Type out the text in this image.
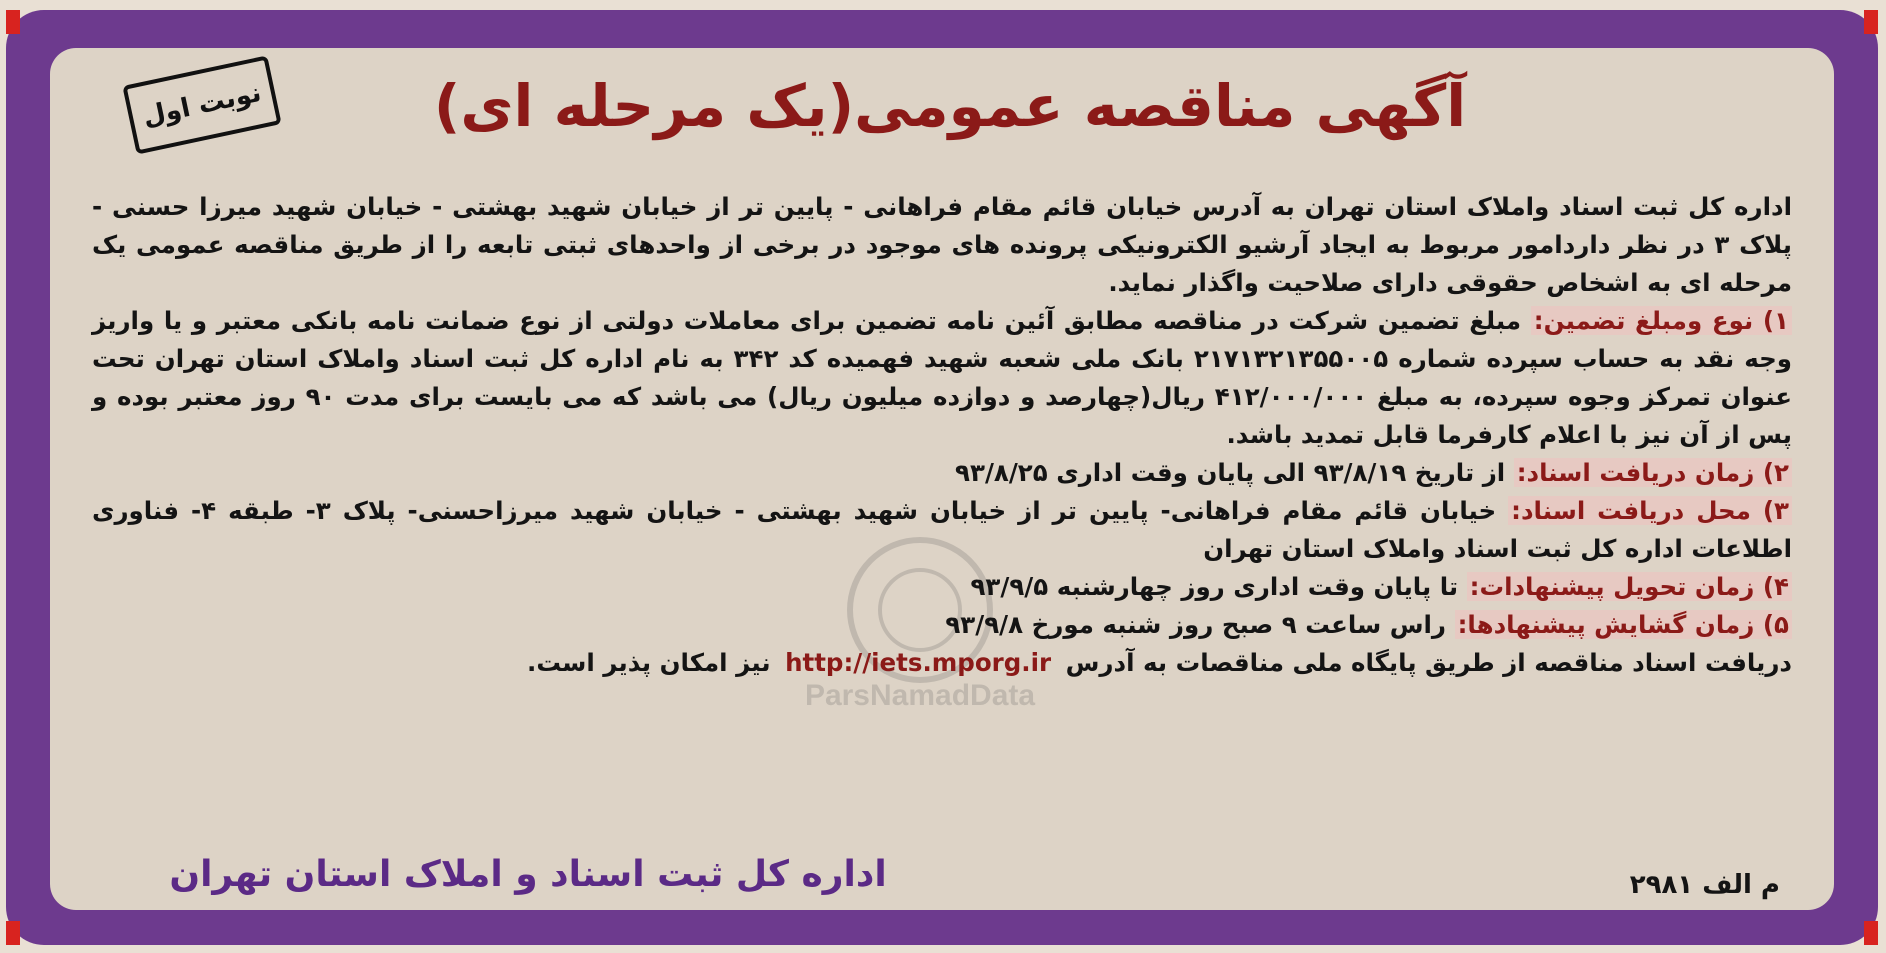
نوبت اول	آگهی مناقصه عمومی(یک مرحله ای)

اداره کل ثبت اسناد واملاک استان تهران به آدرس خیابان قائم مقام فراهانی - پایین تر از خیابان شهید بهشتی - خیابان شهید میرزا حسنی - پلاک ۳ در نظر داردامور مربوط به ایجاد آرشیو الکترونیکی پرونده های موجود در برخی از واحدهای ثبتی تابعه را از طریق مناقصه عمومی یک مرحله ای به اشخاص حقوقی دارای صلاحیت واگذار نماید.

۱) نوع ومبلغ تضمین: مبلغ تضمین شرکت در مناقصه مطابق آئین نامه تضمین برای معاملات دولتی از نوع ضمانت نامه بانکی معتبر و یا واریز وجه نقد به حساب سپرده شماره ۲۱۷۱۳۲۱۳۵۵۰۰۵ بانک ملی شعبه شهید فهمیده کد ۳۴۲ به نام اداره کل ثبت اسناد واملاک استان تهران تحت عنوان تمرکز وجوه سپرده، به مبلغ ۴۱۲/۰۰۰/۰۰۰ ریال(چهارصد و دوازده میلیون ریال) می باشد که می بایست برای مدت ۹۰ روز معتبر بوده و پس از آن نیز با اعلام کارفرما قابل تمدید باشد.

۲) زمان دریافت اسناد: از تاریخ ۹۳/۸/۱۹ الی پایان وقت اداری ۹۳/۸/۲۵

۳) محل دریافت اسناد: خیابان قائم مقام فراهانی- پایین تر از خیابان شهید بهشتی - خیابان شهید میرزاحسنی- پلاک ۳- طبقه ۴- فناوری اطلاعات اداره کل ثبت اسناد واملاک استان تهران

۴) زمان تحویل پیشنهادات: تا پایان وقت اداری روز چهارشنبه ۹۳/۹/۵

۵) زمان گشایش پیشنهادها: راس ساعت ۹ صبح روز شنبه مورخ ۹۳/۹/۸

دریافت اسناد مناقصه از طریق پایگاه ملی مناقصات به آدرس http://iets.mporg.ir نیز امکان پذیر است.

اداره کل ثبت اسناد و املاک استان تهران	م الف ۲۹۸۱
